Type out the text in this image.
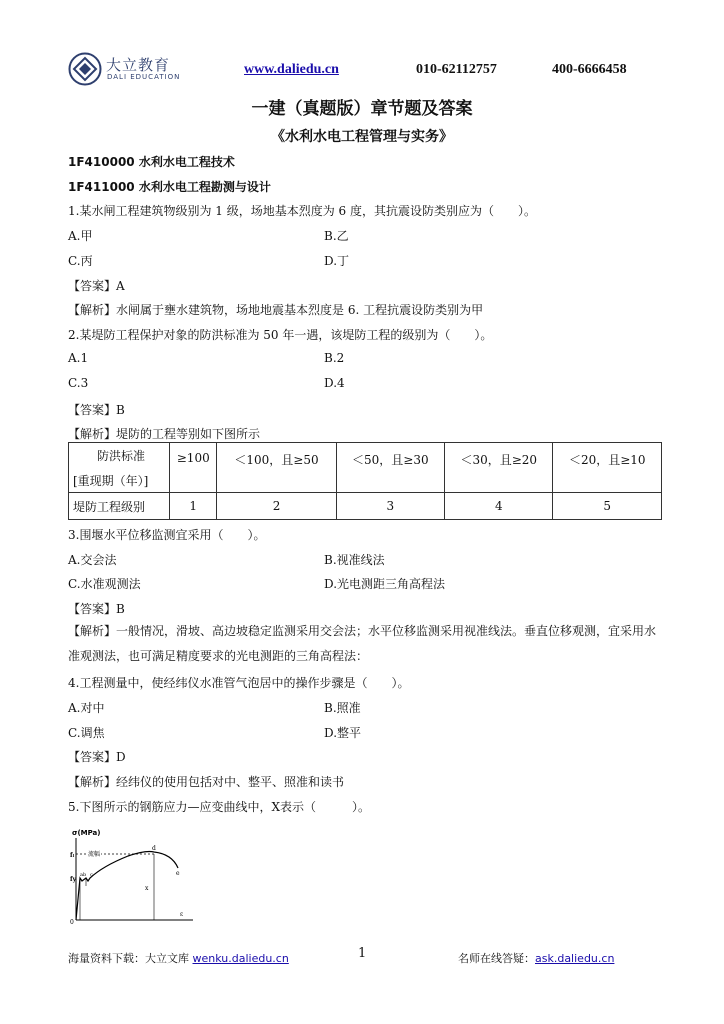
大立教育
DALI EDUCATION	www.daliedu.cn	010-62112757	400-6666458
一建（真题版）章节题及答案
《水利水电工程管理与实务》
1F410000 水利水电工程技术
1F411000 水利水电工程勘测与设计
1.某水闸工程建筑物级别为 1 级，场地基本烈度为 6 度，其抗震设防类别应为（　　）。
A.甲	B.乙
C.丙	D.丁
【答案】A
【解析】水闸属于壅水建筑物，场地地震基本烈度是 6. 工程抗震设防类别为甲
2.某堤防工程保护对象的防洪标准为 50 年一遇，该堤防工程的级别为（　　）。
A.1	B.2
C.3	D.4
【答案】B
【解析】堤防的工程等别如下图所示
防洪标准
[重现期（年）]	≥100	＜100，且≥50	＜50，且≥30	＜30，且≥20	＜20，且≥10
堤防工程级别	1	2	3	4	5
3.围堰水平位移监测宜采用（　　）。
A.交会法	B.视准线法
C.水准观测法	D.光电测距三角高程法
【答案】B
【解析】一般情况，滑坡、高边坡稳定监测采用交会法；水平位移监测采用视准线法。垂直位移观测，宜采用水准观测法，也可满足精度要求的光电测距的三角高程法：
4.工程测量中，使经纬仪水准管气泡居中的操作步骤是（　　）。
A.对中	B.照准
C.调焦	D.整平
【答案】D
【解析】经纬仪的使用包括对中、整平、照准和读书
5.下图所示的钢筋应力—应变曲线中，X表示（　　　）。
σ(MPa)
0
fₗ
fy
流幅
a b c
d
e
x
ε
海量资料下载：大立文库 wenku.daliedu.cn	1	名师在线答疑：ask.daliedu.cn
